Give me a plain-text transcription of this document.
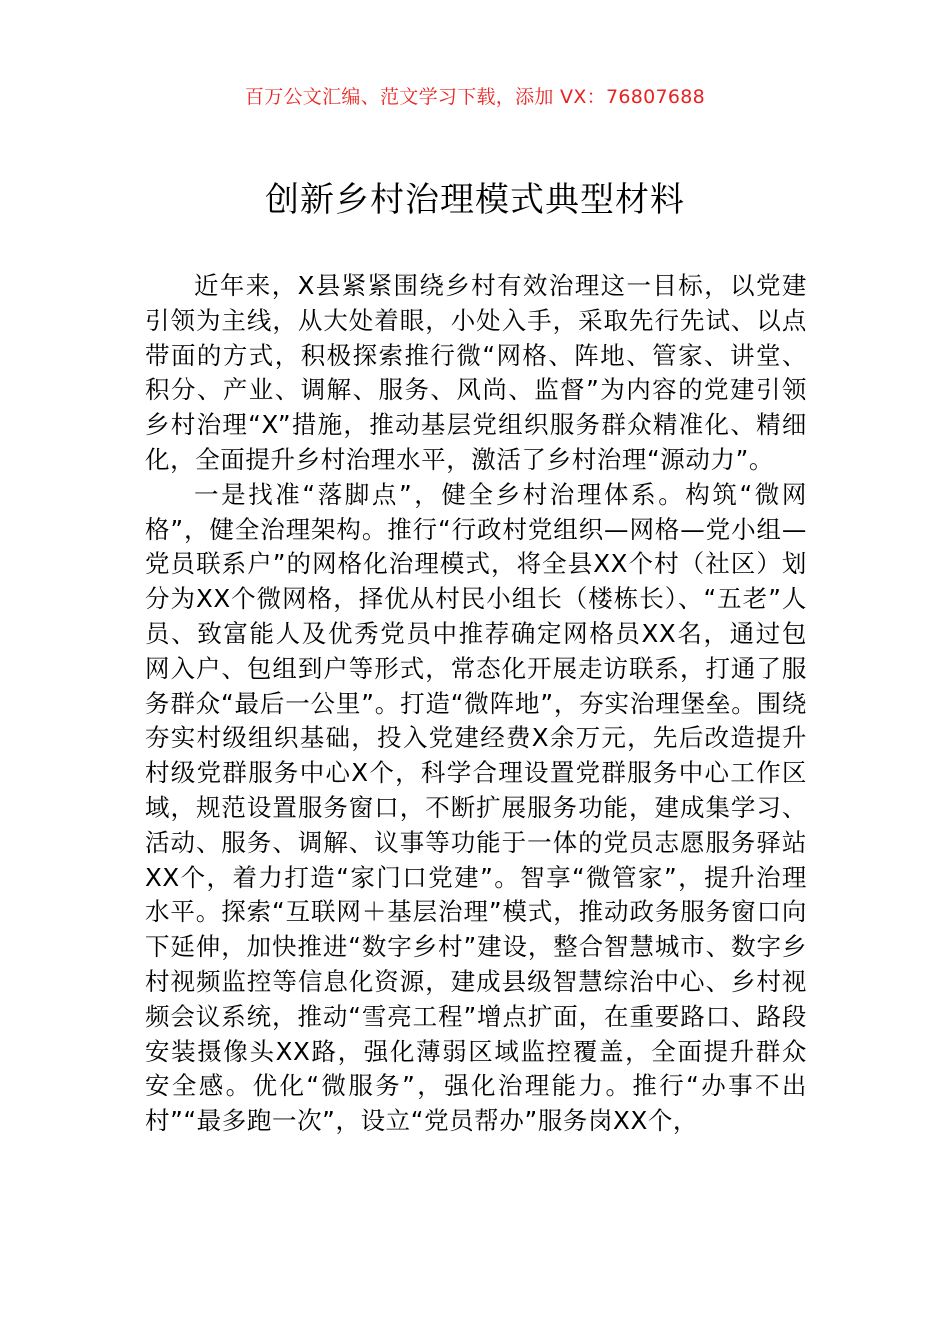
百万公文汇编、范文学习下载，添加 VX：76807688
创新乡村治理模式典型材料

近年来，X县紧紧围绕乡村有效治理这一目标，以党建引领为主线，从大处着眼，小处入手，采取先行先试、以点带面的方式，积极探索推行微“网格、阵地、管家、讲堂、积分、产业、调解、服务、风尚、监督”为内容的党建引领乡村治理“X”措施，推动基层党组织服务群众精准化、精细化，全面提升乡村治理水平，激活了乡村治理“源动力”。

一是找准“落脚点”，健全乡村治理体系。构筑“微网格”，健全治理架构。推行“行政村党组织—网格—党小组—党员联系户”的网格化治理模式，将全县XX个村（社区）划分为XX个微网格，择优从村民小组长（楼栋长）、“五老”人员、致富能人及优秀党员中推荐确定网格员XX名，通过包网入户、包组到户等形式，常态化开展走访联系，打通了服务群众“最后一公里”。打造“微阵地”，夯实治理堡垒。围绕夯实村级组织基础，投入党建经费X余万元，先后改造提升村级党群服务中心X个，科学合理设置党群服务中心工作区域，规范设置服务窗口，不断扩展服务功能，建成集学习、活动、服务、调解、议事等功能于一体的党员志愿服务驿站XX个，着力打造“家门口党建”。智享“微管家”，提升治理水平。探索“互联网＋基层治理”模式，推动政务服务窗口向下延伸，加快推进“数字乡村”建设，整合智慧城市、数字乡村视频监控等信息化资源，建成县级智慧综治中心、乡村视频会议系统，推动“雪亮工程”增点扩面，在重要路口、路段安装摄像头XX路，强化薄弱区域监控覆盖，全面提升群众安全感。优化“微服务”，强化治理能力。推行“办事不出村”“最多跑一次”，设立“党员帮办”服务岗XX个，
